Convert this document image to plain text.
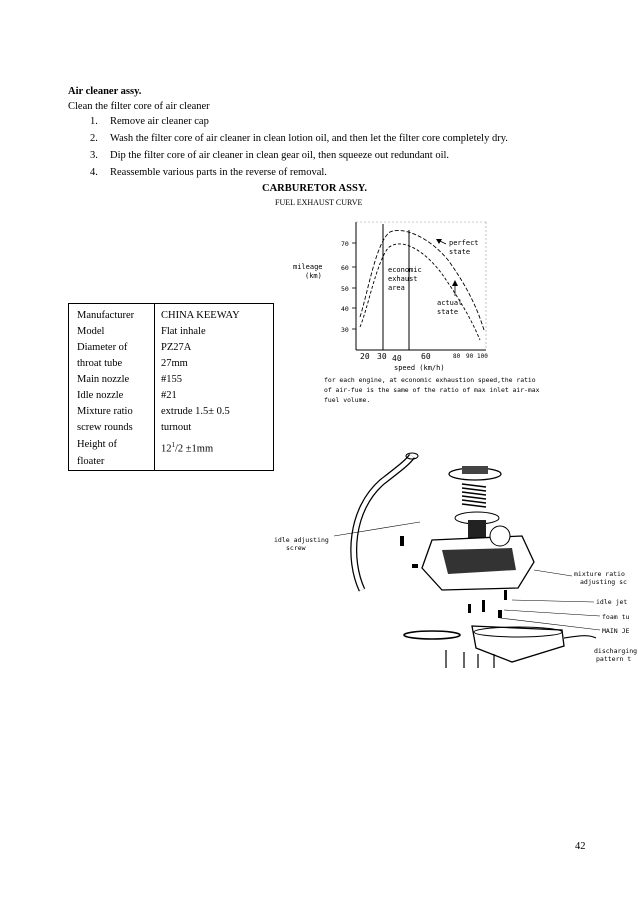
Air cleaner assy.
Clean the filter core of air cleaner
1. Remove air cleaner cap
2. Wash the filter core of air cleaner in clean lotion oil, and then let the filter core completely dry.
3. Dip the filter core of air cleaner in clean gear oil, then squeeze out redundant oil.
4. Reassemble various parts in the reverse of removal.
CARBURETOR ASSY.
FUEL EXHAUST CURVE
Manufacturer	CHINA KEEWAY
Model	Flat inhale
Diameter of	PZ27A
throat tube	27mm
Main nozzle	#155
Idle nozzle	#21
Mixture ratio	extrude 1.5± 0.5
screw rounds	turnout
Height of	$12^1/2 \pm 1mm$
floater
70
60
50
40
30
mileage
(km)
20 30 40 60	80 90 100
speed (km/h)
perfect
state
economic
exhaust
area
actual
state
for each engine, at economic exhaustion speed,the ratio
of air-fue is the same of the ratio of max inlet air-max
fuel volume.
idle adjusting
screw
mixture ratio
adjusting sc
idle jet
foam tu
MAIN JE
discharging
pattern t
42
